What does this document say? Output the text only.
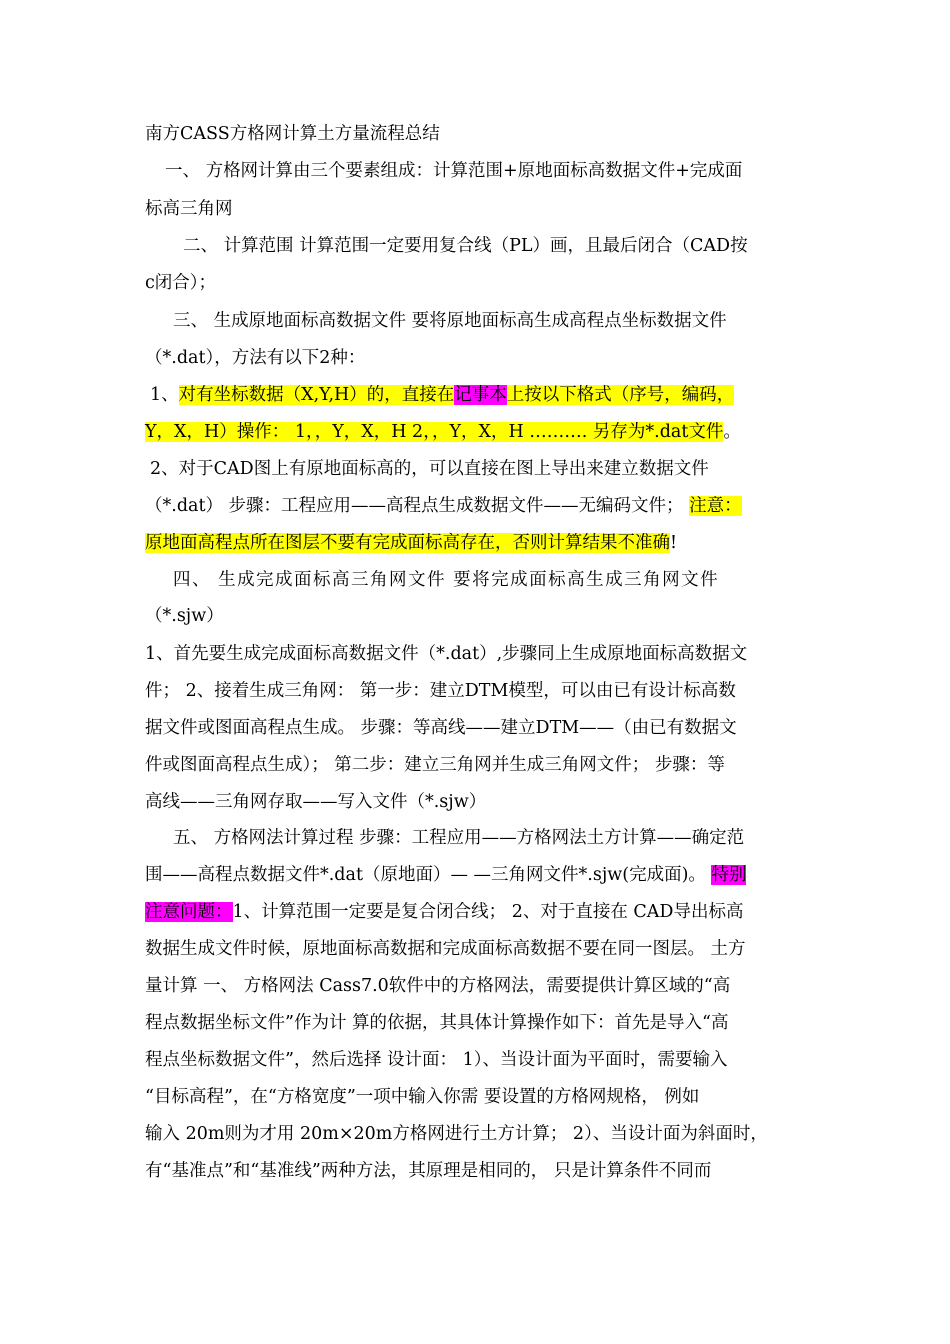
南方CASS方格网计算土方量流程总结
一、 方格网计算由三个要素组成：计算范围+原地面标高数据文件+完成面
标高三角网
二、 计算范围 计算范围一定要用复合线（PL）画，且最后闭合（CAD按
c闭合）；
三、 生成原地面标高数据文件 要将原地面标高生成高程点坐标数据文件
（*.dat），方法有以下2种：
1、对有坐标数据（X,Y,H）的，直接在记事本上按以下格式（序号，编码，
Y，X，H）操作： 1，，Y，X，H 2，，Y，X，H ………. 另存为*.dat文件。
2、对于CAD图上有原地面标高的，可以直接在图上导出来建立数据文件
（*.dat） 步骤：工程应用——高程点生成数据文件——无编码文件； 注意：
原地面高程点所在图层不要有完成面标高存在，否则计算结果不准确!
四、 生成完成面标高三角网文件 要将完成面标高生成三角网文件
（*.sjw）
1、首先要生成完成面标高数据文件（*.dat）,步骤同上生成原地面标高数据文
件； 2、接着生成三角网： 第一步：建立DTM模型，可以由已有设计标高数
据文件或图面高程点生成。 步骤：等高线——建立DTM——（由已有数据文
件或图面高程点生成）； 第二步：建立三角网并生成三角网文件； 步骤：等
高线——三角网存取——写入文件（*.sjw）
五、 方格网法计算过程 步骤：工程应用——方格网法土方计算——确定范
围——高程点数据文件*.dat（原地面）— —三角网文件*.sjw(完成面)。 特别
注意问题：1、计算范围一定要是复合闭合线； 2、对于直接在 CAD导出标高
数据生成文件时候，原地面标高数据和完成面标高数据不要在同一图层。 土方
量计算 一、 方格网法 Cass7.0软件中的方格网法，需要提供计算区域的“高
程点数据坐标文件”作为计 算的依据，其具体计算操作如下：首先是导入“高
程点坐标数据文件”，然后选择 设计面： 1）、当设计面为平面时，需要输入
“目标高程”，在“方格宽度”一项中输入你需 要设置的方格网规格， 例如
输入 20m则为才用 20m×20m方格网进行土方计算； 2）、当设计面为斜面时，
有“基准点”和“基准线”两种方法，其原理是相同的， 只是计算条件不同而
